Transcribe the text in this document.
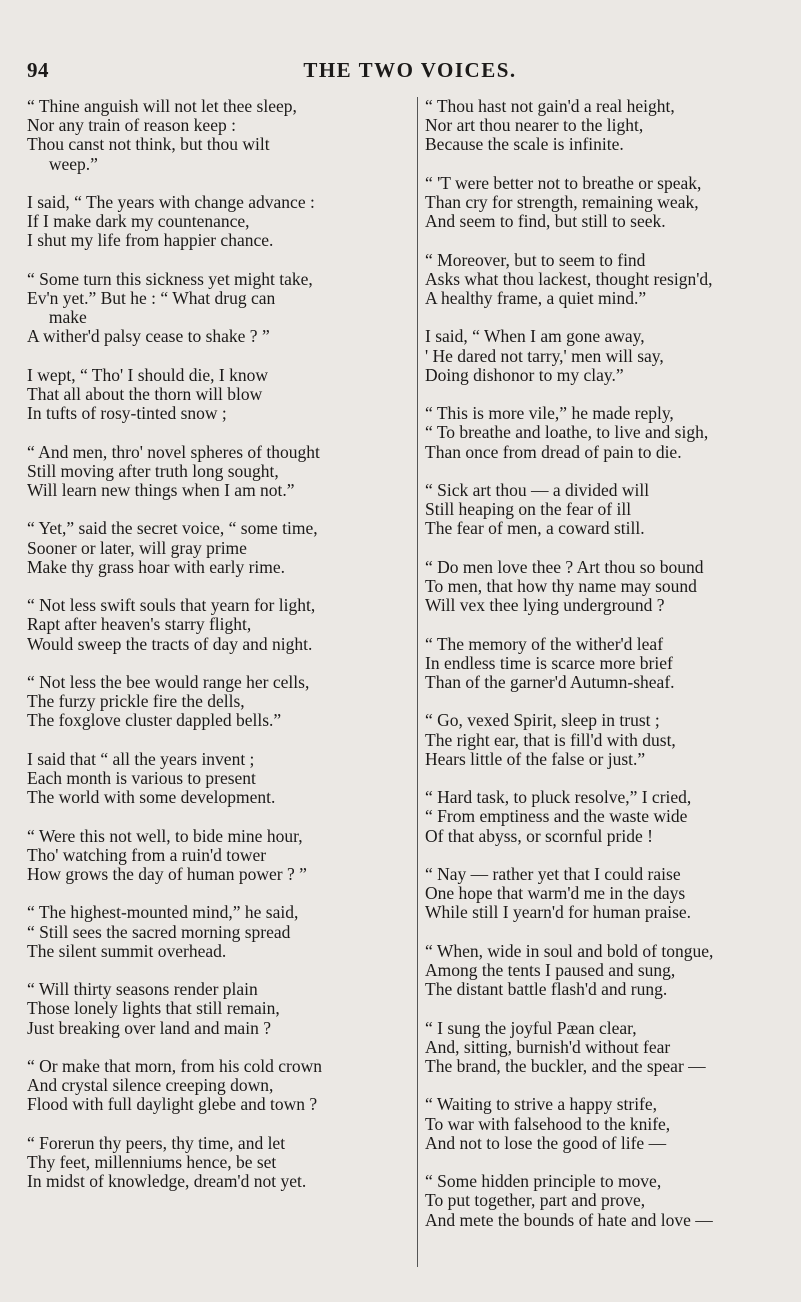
94	THE TWO VOICES.
“ Thine anguish will not let thee sleep,
Nor any train of reason keep :
Thou canst not think, but thou wilt
weep.”
I said, “ The years with change advance :
If I make dark my countenance,
I shut my life from happier chance.
“ Some turn this sickness yet might take,
Ev'n yet.” But he : “ What drug can
make
A wither'd palsy cease to shake ? ”
I wept, “ Tho' I should die, I know
That all about the thorn will blow
In tufts of rosy-tinted snow ;
“ And men, thro' novel spheres of thought
Still moving after truth long sought,
Will learn new things when I am not.”
“ Yet,” said the secret voice, “ some time,
Sooner or later, will gray prime
Make thy grass hoar with early rime.
“ Not less swift souls that yearn for light,
Rapt after heaven's starry flight,
Would sweep the tracts of day and night.
“ Not less the bee would range her cells,
The furzy prickle fire the dells,
The foxglove cluster dappled bells.”
I said that “ all the years invent ;
Each month is various to present
The world with some development.
“ Were this not well, to bide mine hour,
Tho' watching from a ruin'd tower
How grows the day of human power ? ”
“ The highest-mounted mind,” he said,
“ Still sees the sacred morning spread
The silent summit overhead.
“ Will thirty seasons render plain
Those lonely lights that still remain,
Just breaking over land and main ?
“ Or make that morn, from his cold crown
And crystal silence creeping down,
Flood with full daylight glebe and town ?
“ Forerun thy peers, thy time, and let
Thy feet, millenniums hence, be set
In midst of knowledge, dream'd not yet.
“ Thou hast not gain'd a real height,
Nor art thou nearer to the light,
Because the scale is infinite.
“ 'T were better not to breathe or speak,
Than cry for strength, remaining weak,
And seem to find, but still to seek.
“ Moreover, but to seem to find
Asks what thou lackest, thought resign'd,
A healthy frame, a quiet mind.”
I said, “ When I am gone away,
' He dared not tarry,' men will say,
Doing dishonor to my clay.”
“ This is more vile,” he made reply,
“ To breathe and loathe, to live and sigh,
Than once from dread of pain to die.
“ Sick art thou — a divided will
Still heaping on the fear of ill
The fear of men, a coward still.
“ Do men love thee ? Art thou so bound
To men, that how thy name may sound
Will vex thee lying underground ?
“ The memory of the wither'd leaf
In endless time is scarce more brief
Than of the garner'd Autumn-sheaf.
“ Go, vexed Spirit, sleep in trust ;
The right ear, that is fill'd with dust,
Hears little of the false or just.”
“ Hard task, to pluck resolve,” I cried,
“ From emptiness and the waste wide
Of that abyss, or scornful pride !
“ Nay — rather yet that I could raise
One hope that warm'd me in the days
While still I yearn'd for human praise.
“ When, wide in soul and bold of tongue,
Among the tents I paused and sung,
The distant battle flash'd and rung.
“ I sung the joyful Pæan clear,
And, sitting, burnish'd without fear
The brand, the buckler, and the spear —
“ Waiting to strive a happy strife,
To war with falsehood to the knife,
And not to lose the good of life —
“ Some hidden principle to move,
To put together, part and prove,
And mete the bounds of hate and love —
